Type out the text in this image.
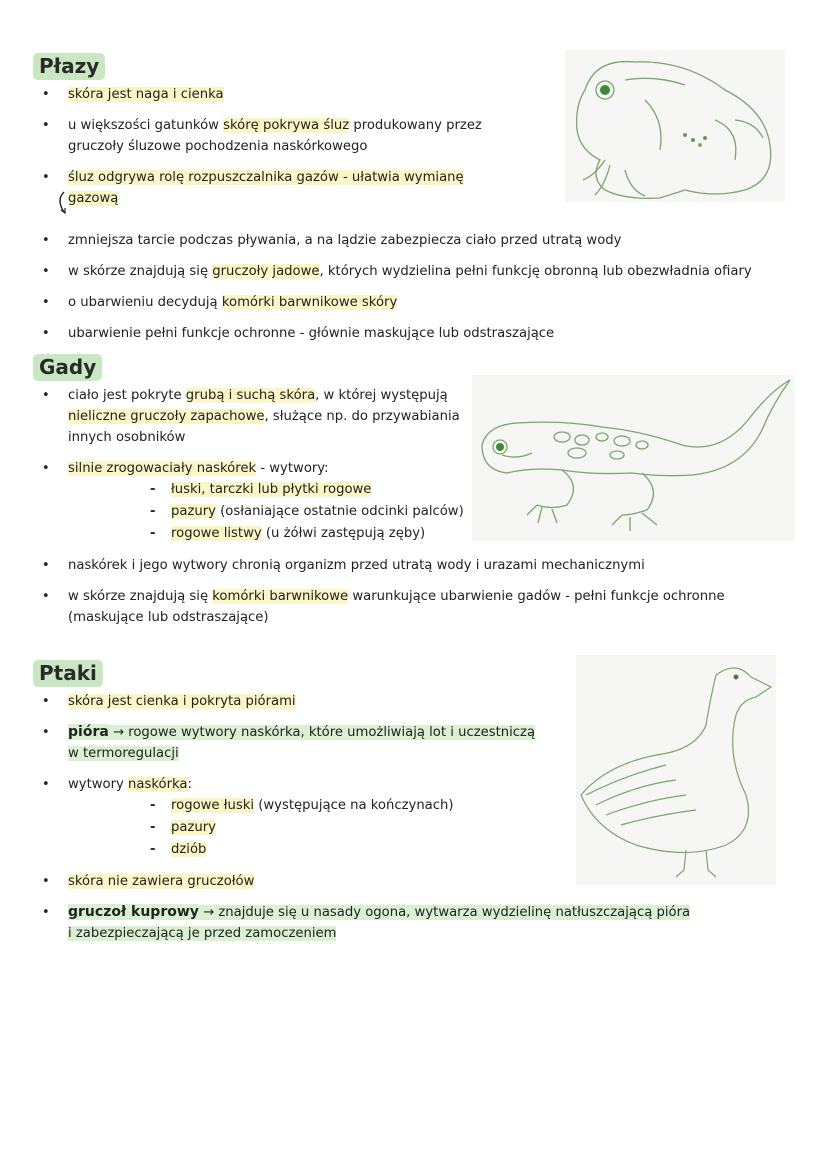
Płazy
• skóra jest naga i cienka
• u większości gatunków skórę pokrywa śluz produkowany przez
gruczoły śluzowe pochodzenia naskórkowego
• śluz odgrywa rolę rozpuszczalnika gazów - ułatwia wymianę gazową
• zmniejsza tarcie podczas pływania, a na lądzie zabezpiecza ciało przed utratą wody
• w skórze znajdują się gruczoły jadowe, których wydzielina pełni funkcję obronną lub obezwładnia ofiary
• o ubarwieniu decydują komórki barwnikowe skóry
• ubarwienie pełni funkcje ochronne - głównie maskujące lub odstraszające
Gady
• ciało jest pokryte grubą i suchą skóra, w której występują
nieliczne gruczoły zapachowe, służące np. do przywabiania
innych osobników
• silnie zrogowaciały naskórek - wytwory:
- łuski, tarczki lub płytki rogowe
- pazury (osłaniające ostatnie odcinki palców)
- rogowe listwy (u żółwi zastępują zęby)
• naskórek i jego wytwory chronią organizm przed utratą wody i urazami mechanicznymi
• w skórze znajdują się komórki barwnikowe warunkujące ubarwienie gadów - pełni funkcje ochronne
(maskujące lub odstraszające)
Ptaki
• skóra jest cienka i pokryta piórami
• pióra → rogowe wytwory naskórka, które umożliwiają lot i uczestniczą
w termoregulacji
• wytwory naskórka:
- rogowe łuski (występujące na kończynach)
- pazury
- dziób
• skóra nie zawiera gruczołów
• gruczoł kuprowy → znajduje się u nasady ogona, wytwarza wydzielinę natłuszczającą pióra
i zabezpieczającą je przed zamoczeniem
